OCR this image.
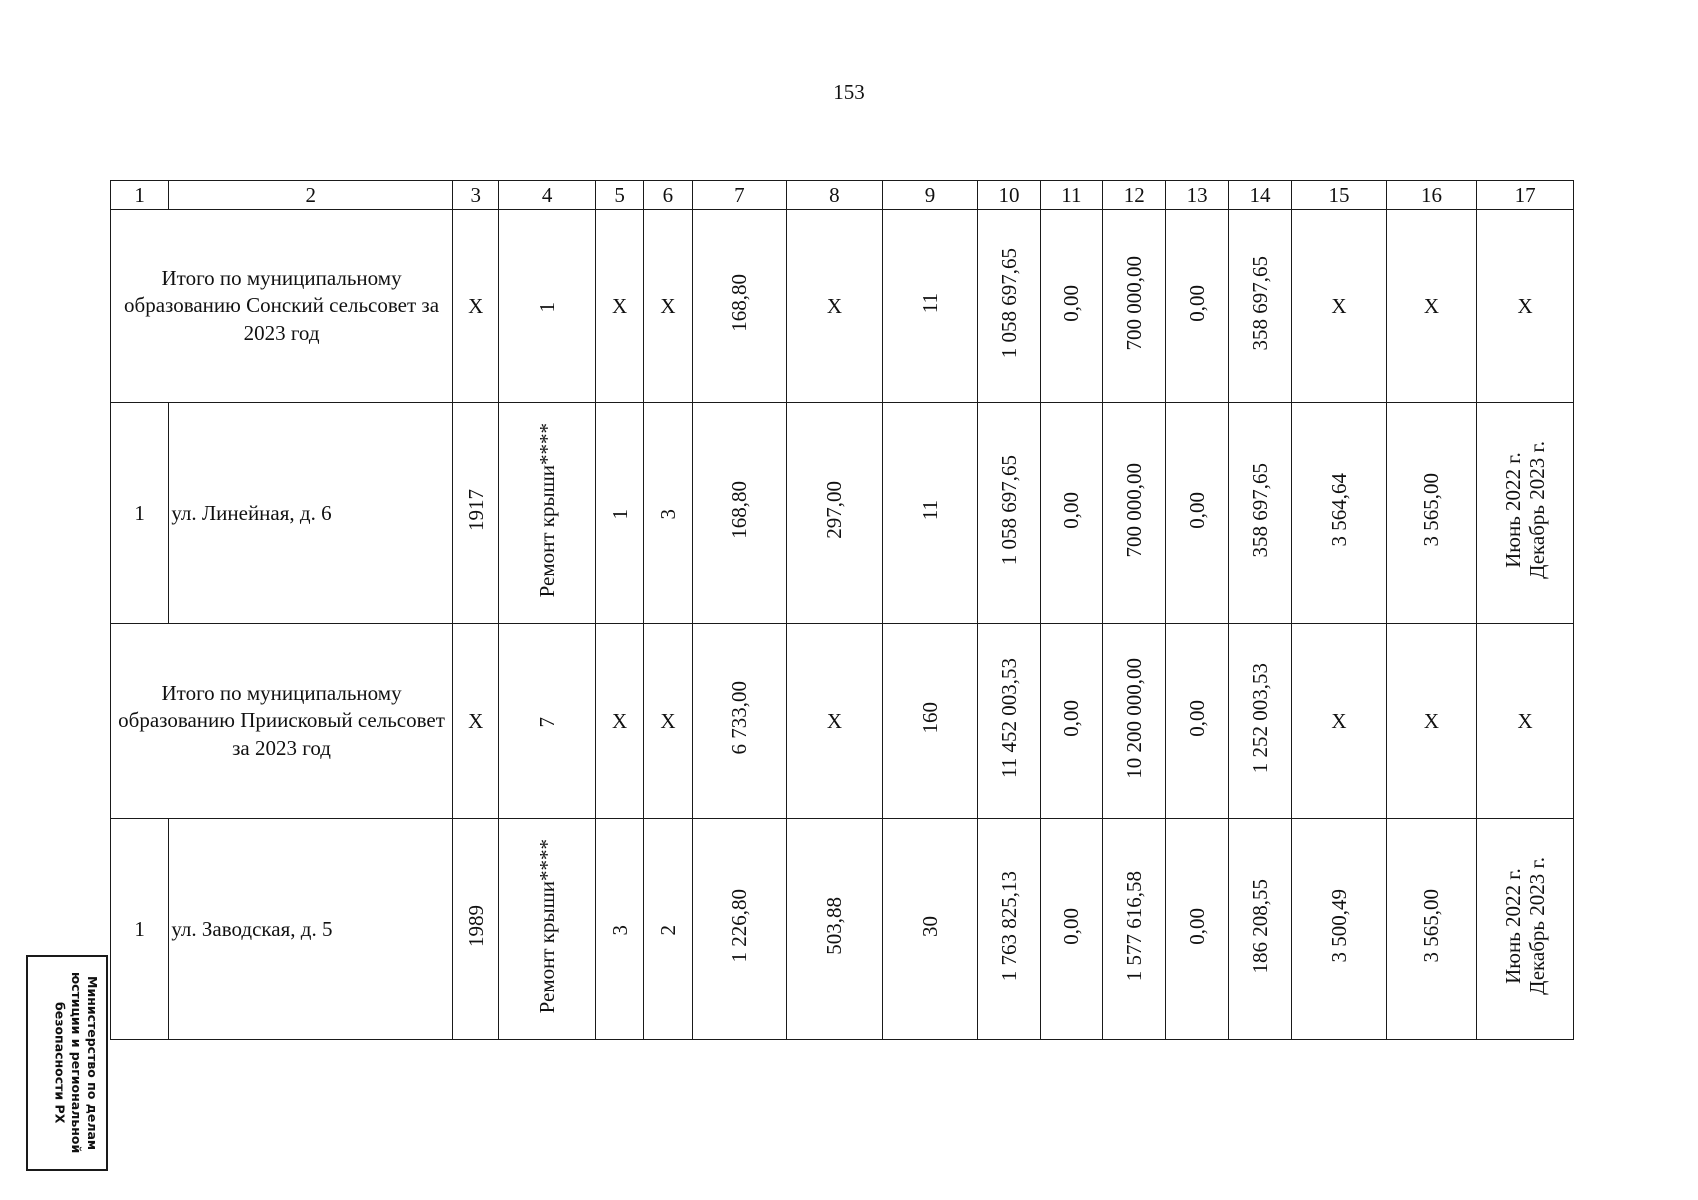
153
1	2	3	4	5	6	7	8	9	10	11	12	13	14	15	16	17
Итого по муниципальному образованию Сонский сельсовет за 2023 год		X	1	X	X	168,80	X	11	1 058 697,65	0,00	700 000,00	0,00	358 697,65	X	X	X
1	ул. Линейная, д. 6	1917	Ремонт крыши****	1	3	168,80	297,00	11	1 058 697,65	0,00	700 000,00	0,00	358 697,65	3 564,64	3 565,00	Июнь 2022 г.
Декабрь 2023 г.
Итого по муниципальному образованию Приисковый сельсовет за 2023 год		X	7	X	X	6 733,00	X	160	11 452 003,53	0,00	10 200 000,00	0,00	1 252 003,53	X	X	X
1	ул. Заводская, д. 5	1989	Ремонт крыши****	3	2	1 226,80	503,88	30	1 763 825,13	0,00	1 577 616,58	0,00	186 208,55	3 500,49	3 565,00	Июнь 2022 г.
Декабрь 2023 г.
Министерство по делам
юстиции и региональной
безопасности РХ
